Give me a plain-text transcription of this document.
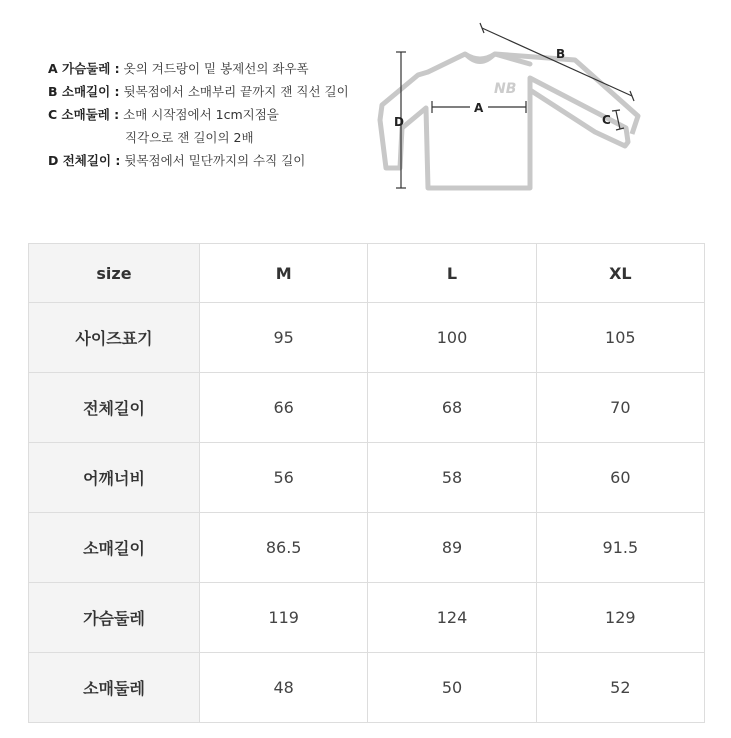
A 가슴둘레 : 옷의 겨드랑이 밑 봉제선의 좌우폭
B 소매길이 : 뒷목점에서 소매부리 끝까지 잰 직선 길이
C 소매둘레 : 소매 시작점에서 1cm지점을
직각으로 잰 길이의 2배
D 전체길이 : 뒷목점에서 밑단까지의 수직 길이
NB
D
A
B
C
size	M	L	XL
사이즈표기	95	100	105
전체길이	66	68	70
어깨너비	56	58	60
소매길이	86.5	89	91.5
가슴둘레	119	124	129
소매둘레	48	50	52
